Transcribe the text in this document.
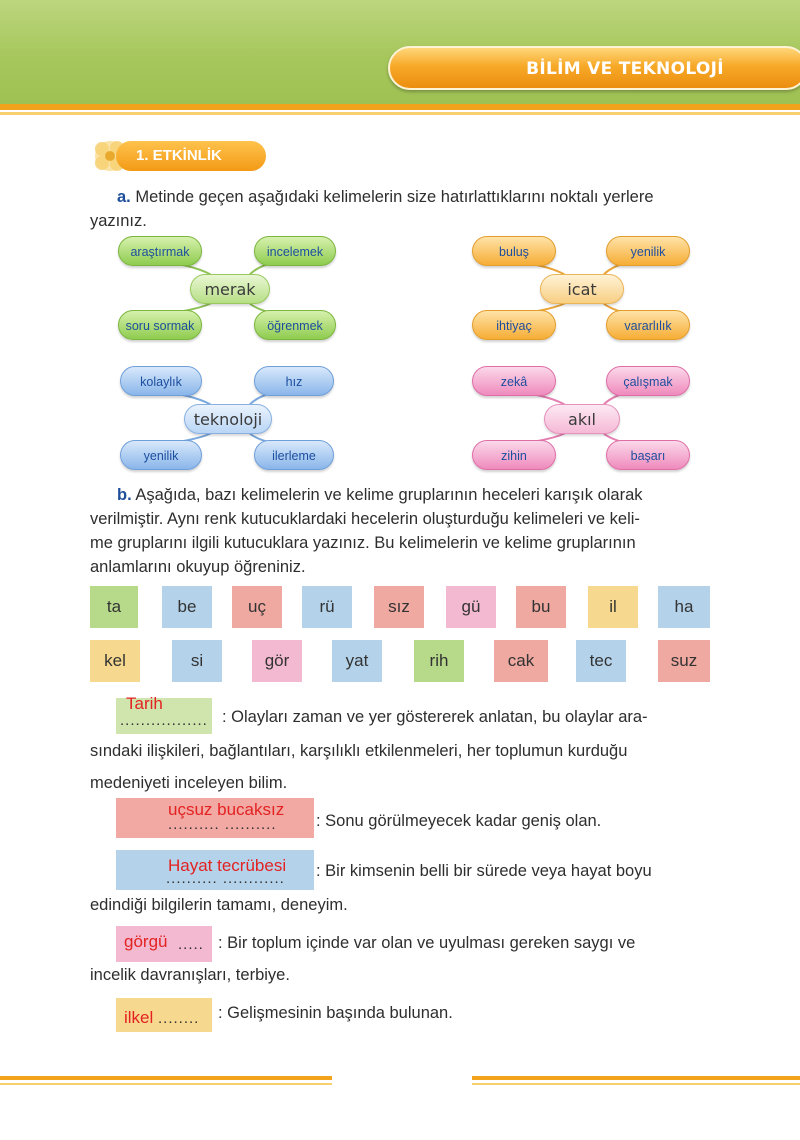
BİLİM VE TEKNOLOJİ
1. ETKİNLİK

a. Metinde geçen aşağıdaki kelimelerin size hatırlattıklarını noktalı yerlere

yazınız.

araştırmak	incelemek
merak
soru sormak	öğrenmek
buluş	yenilik
icat
ihtiyaç	vararlılık
kolaylık	hız
teknoloji
yenilik	ilerleme
zekâ	çalışmak
akıl
zihin	başarı

b. Aşağıda, bazı kelimelerin ve kelime gruplarının heceleri karışık olarak

verilmiştir. Aynı renk kutucuklardaki hecelerin oluşturduğu kelimeleri ve keli-

me gruplarını ilgili kutucuklara yazınız. Bu kelimelerin ve kelime gruplarının

anlamlarını okuyup öğreniniz.

ta	be	uç	rü	sız	gü	bu	il	ha
kel	si	gör	yat	rih	cak	tec	suz
Tarih
................. : Olayları zaman ve yer göstererek anlatan, bu olaylar ara-

sındaki ilişkileri, bağlantıları, karşılıklı etkilenmeleri, her toplumun kurduğu

medeniyeti inceleyen bilim.

uçsuz bucaksız
.......... .......... : Sonu görülmeyecek kadar geniş olan.

Hayat tecrübesi
.......... ............ : Bir kimsenin belli bir sürede veya hayat boyu

edindiği bilgilerin tamamı, deneyim.

görgü ..... : Bir toplum içinde var olan ve uyulması gereken saygı ve

incelik davranışları, terbiye.

ilkel ........ : Gelişmesinin başında bulunan.
